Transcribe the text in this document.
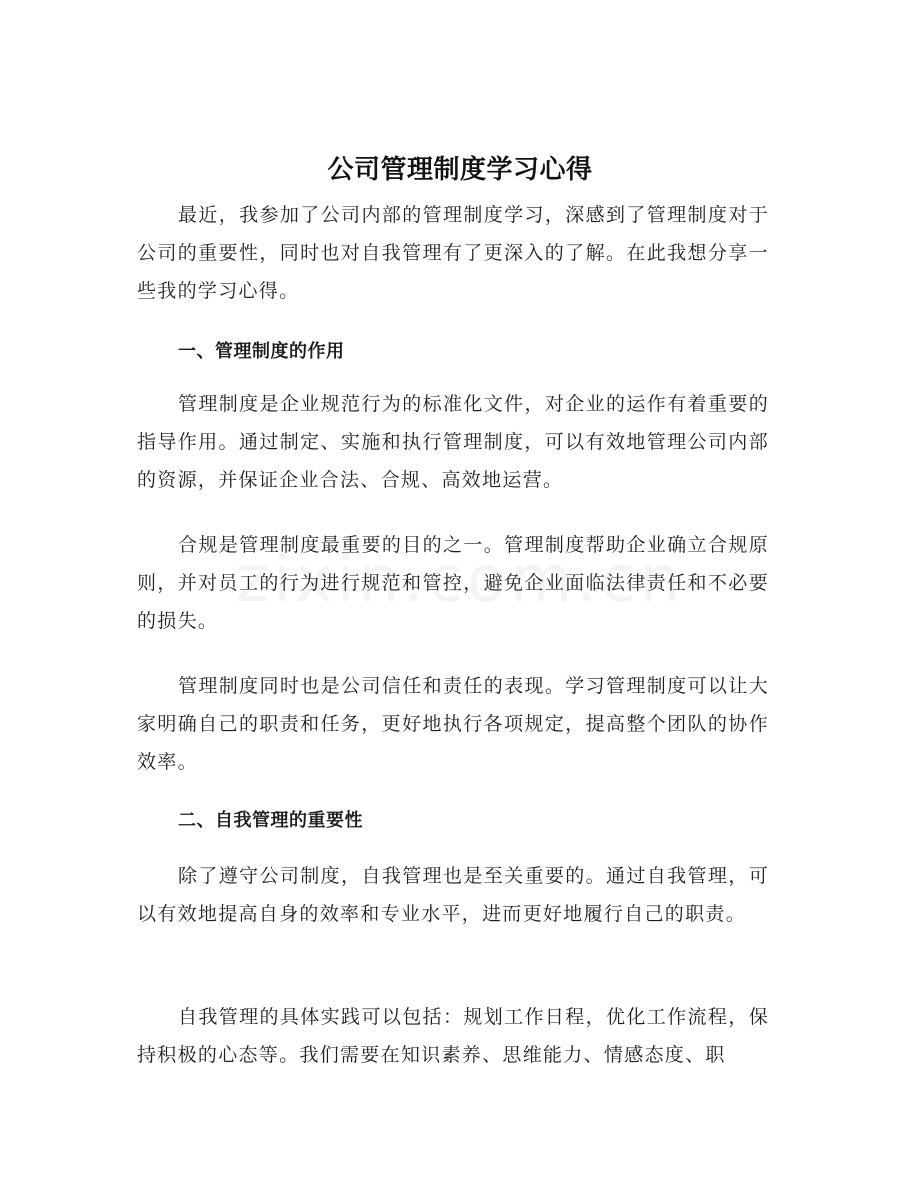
公司管理制度学习心得

最近，我参加了公司内部的管理制度学习，深感到了管理制度对于公司的重要性，同时也对自我管理有了更深入的了解。在此我想分享一些我的学习心得。

一、管理制度的作用

管理制度是企业规范行为的标准化文件，对企业的运作有着重要的指导作用。通过制定、实施和执行管理制度，可以有效地管理公司内部的资源，并保证企业合法、合规、高效地运营。

合规是管理制度最重要的目的之一。管理制度帮助企业确立合规原则，并对员工的行为进行规范和管控，避免企业面临法律责任和不必要的损失。

管理制度同时也是公司信任和责任的表现。学习管理制度可以让大家明确自己的职责和任务，更好地执行各项规定，提高整个团队的协作效率。

二、自我管理的重要性

除了遵守公司制度，自我管理也是至关重要的。通过自我管理，可以有效地提高自身的效率和专业水平，进而更好地履行自己的职责。

自我管理的具体实践可以包括：规划工作日程，优化工作流程，保持积极的心态等。我们需要在知识素养、思维能力、情感态度、职
